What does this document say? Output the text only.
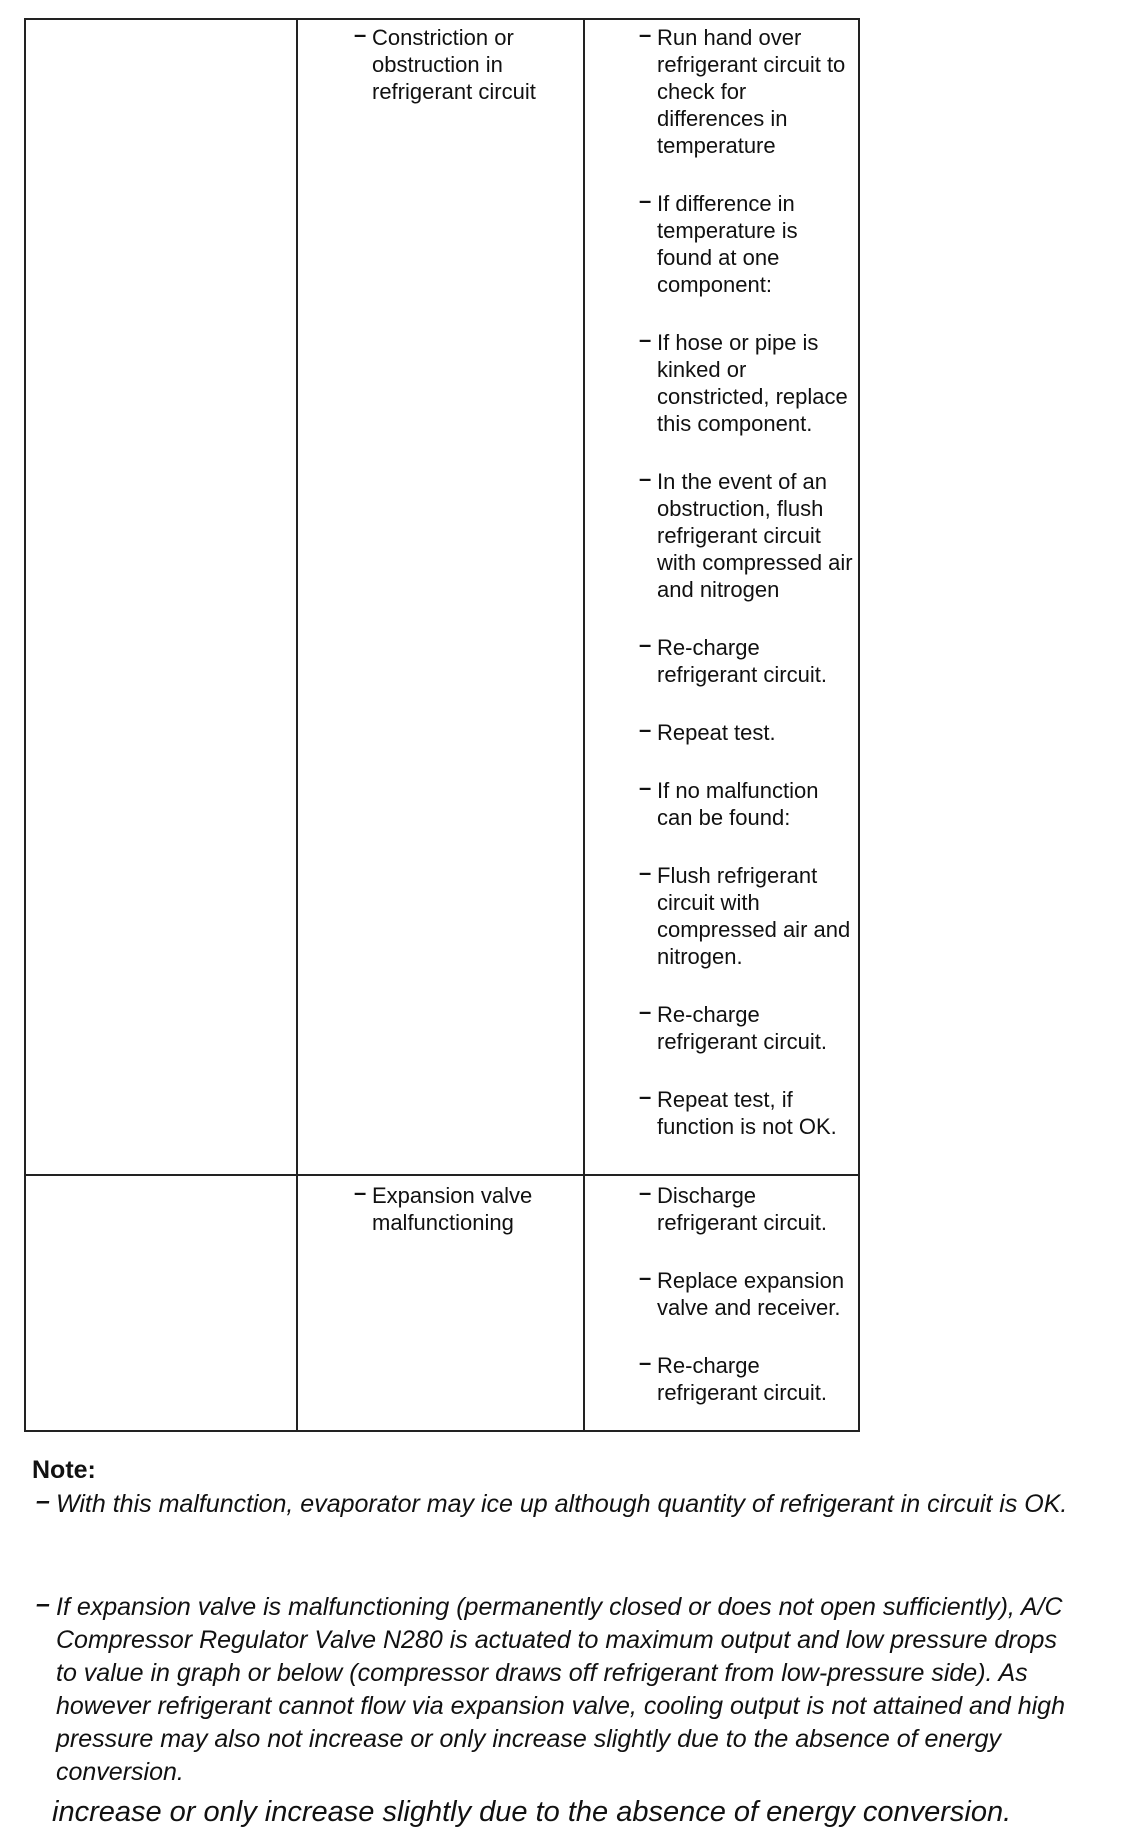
– Constriction or obstruction in refrigerant circuit
– Run hand over refrigerant circuit to check for differences in temperature
– If difference in temperature is found at one component:
– If hose or pipe is kinked or constricted, replace this component.
– In the event of an obstruction, flush refrigerant circuit with compressed air and nitrogen
– Re-charge refrigerant circuit.
– Repeat test.
– If no malfunction can be found:
– Flush refrigerant circuit with compressed air and nitrogen.
– Re-charge refrigerant circuit.
– Repeat test, if function is not OK.
– Expansion valve malfunctioning
– Discharge refrigerant circuit.
– Replace expansion valve and receiver.
– Re-charge refrigerant circuit.
Note:
– With this malfunction, evaporator may ice up although quantity of refrigerant in circuit is OK.
– If expansion valve is malfunctioning (permanently closed or does not open sufficiently), A/C Compressor Regulator Valve N280 is actuated to maximum output and low pressure drops to value in graph or below (compressor draws off refrigerant from low-pressure side). As however refrigerant cannot flow via expansion valve, cooling output is not attained and high pressure may also not increase or only increase slightly due to the absence of energy conversion.
increase or only increase slightly due to the absence of energy conversion.
